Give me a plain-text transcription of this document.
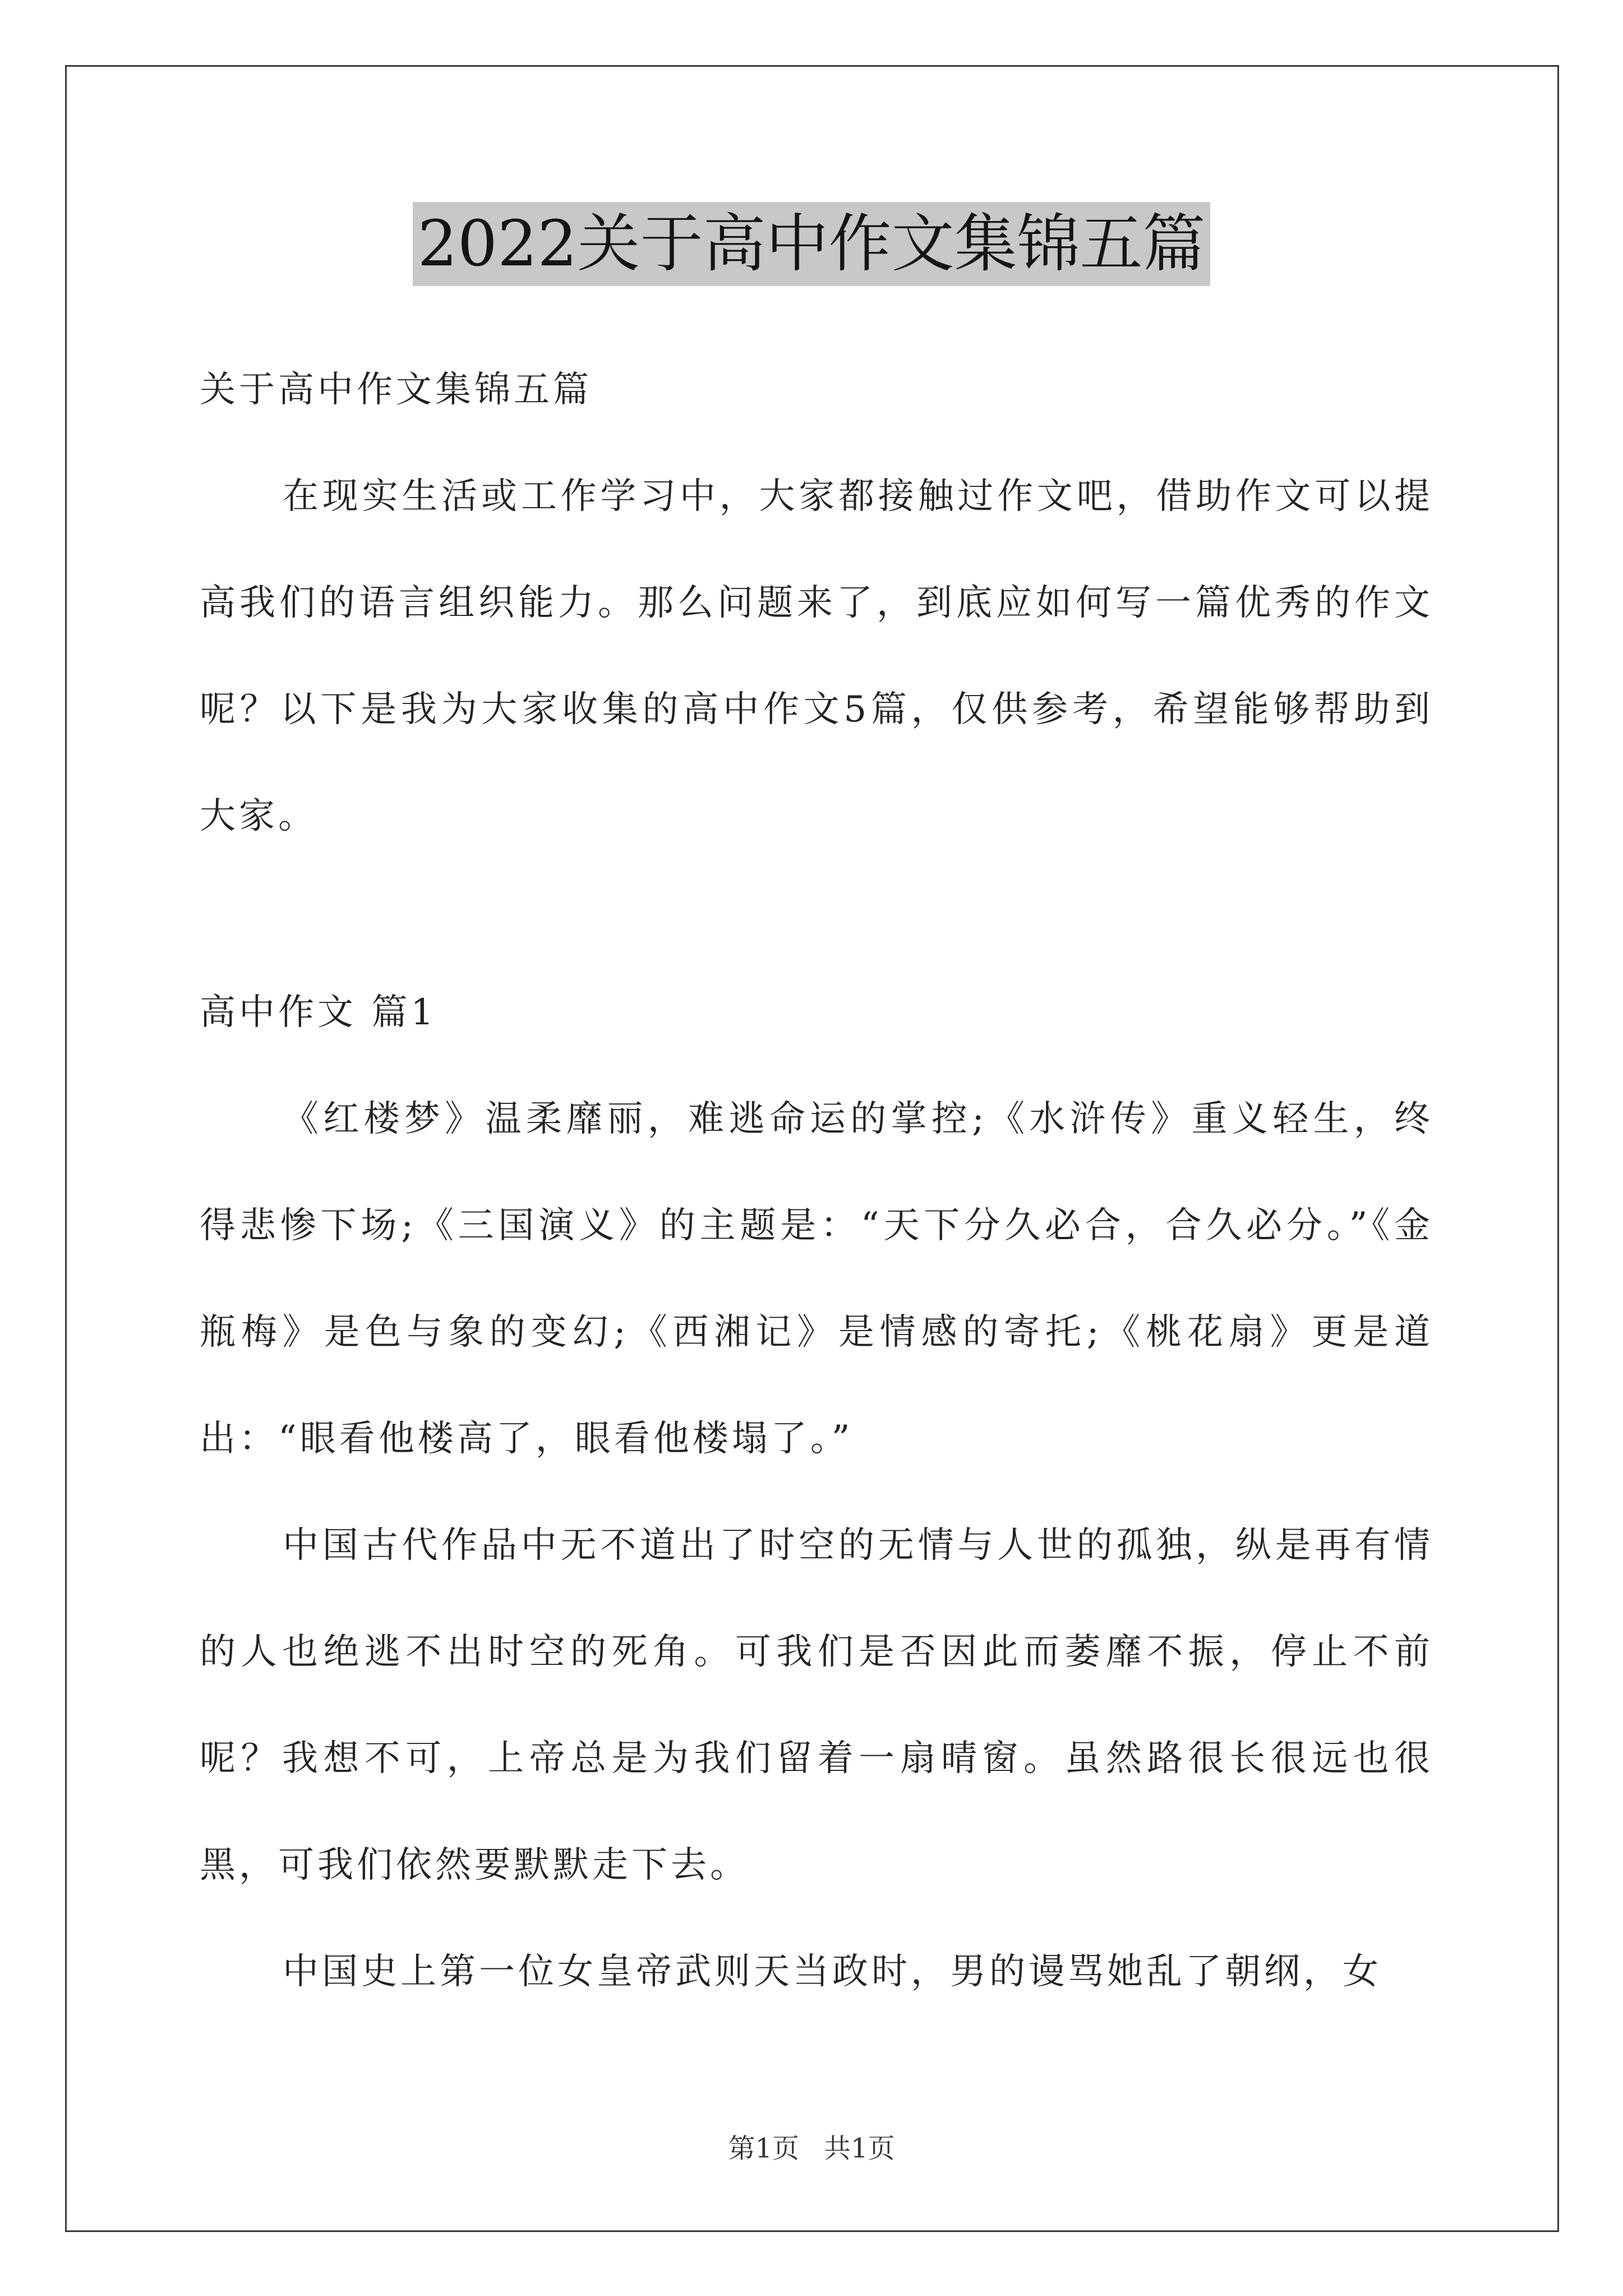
2022关于高中作文集锦五篇
关于高中作文集锦五篇

在现实生活或工作学习中，大家都接触过作文吧，借助作文可以提高我们的语言组织能力。那么问题来了，到底应如何写一篇优秀的作文呢？以下是我为大家收集的高中作文5篇，仅供参考，希望能够帮助到大家。

高中作文 篇1

《红楼梦》温柔靡丽，难逃命运的掌控;《水浒传》重义轻生，终得悲惨下场;《三国演义》的主题是：“天下分久必合，合久必分。”《金瓶梅》是色与象的变幻;《西湘记》是情感的寄托;《桃花扇》更是道出：“眼看他楼高了，眼看他楼塌了。”

中国古代作品中无不道出了时空的无情与人世的孤独，纵是再有情的人也绝逃不出时空的死角。可我们是否因此而萎靡不振，停止不前呢？我想不可，上帝总是为我们留着一扇晴窗。虽然路很长很远也很黑，可我们依然要默默走下去。

中国史上第一位女皇帝武则天当政时，男的谩骂她乱了朝纲，女

第1页 共1页
